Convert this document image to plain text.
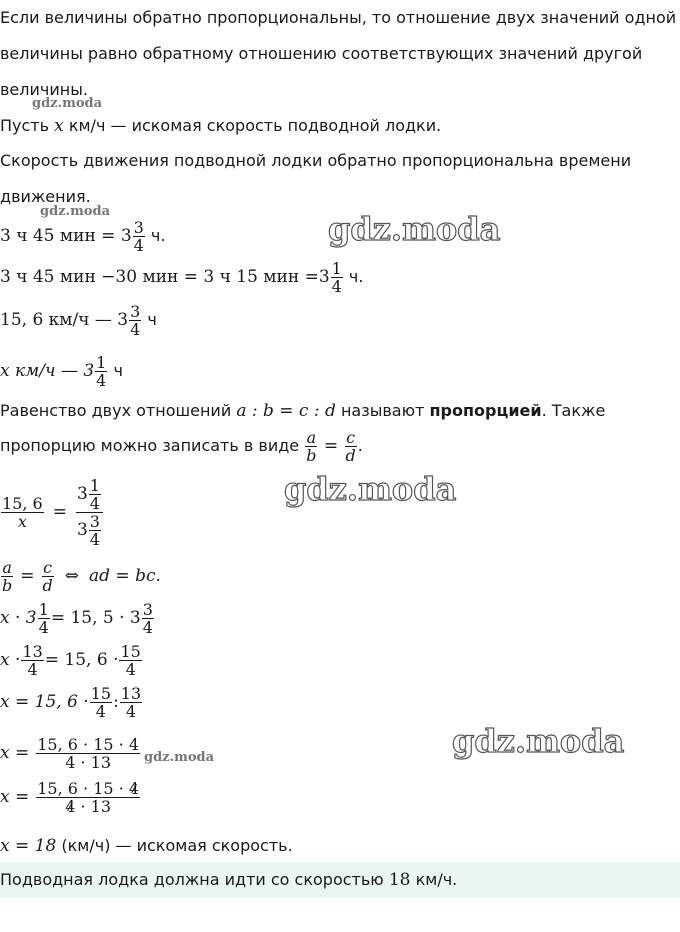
Если величины обратно пропорциональны, то отношение двух значений одной
величины равно обратному отношению соответствующих значений другой
величины.
gdz.moda
Пусть x км/ч — искомая скорость подводной лодки.
Скорость движения подводной лодки обратно пропорциональна времени
движения.
gdz.moda	gdz.moda
3 ч 45 мин = $3 \frac{3}{4} ч$.
3 ч 45 мин −30 мин = 3 ч 15 мин $=3 \frac{1}{4} ч$.
15, 6 км/ч — $3 \frac{3}{4}$ ч
x км/ч — $3 \frac{1}{4}$ ч
Равенство двух отношений a : b = c : d называют пропорцией. Также
пропорцию можно записать в виде $\frac{a}{b} = \frac{c}{d}$ .
gdz.moda
$\frac{15, 6}{x} = \frac{3 \frac{1}{4}}{3 \frac{3}{4}}$
$\frac{a}{b} = \frac{c}{d}$ ⇔ ad = bc.
$x \cdot 3 \frac{1}{4} = 15$, $5 \cdot 3 \frac{3}{4}$
$x \cdot \frac{13}{4} = 15$, $6 \cdot \frac{15}{4}$
x = 15, $6 \cdot \frac{15}{4}$ : $\frac{13}{4}$
$x = \frac{15, 6 \cdot 15 \cdot 4}{4 \cdot 13}$ gdz.moda	gdz.moda
$x = \frac{15, 6 \cdot 15 \cdot 4}{4 \cdot 13}$
x = 18 (км/ч) — искомая скорость.
Подводная лодка должна идти со скоростью 18 км/ч.
